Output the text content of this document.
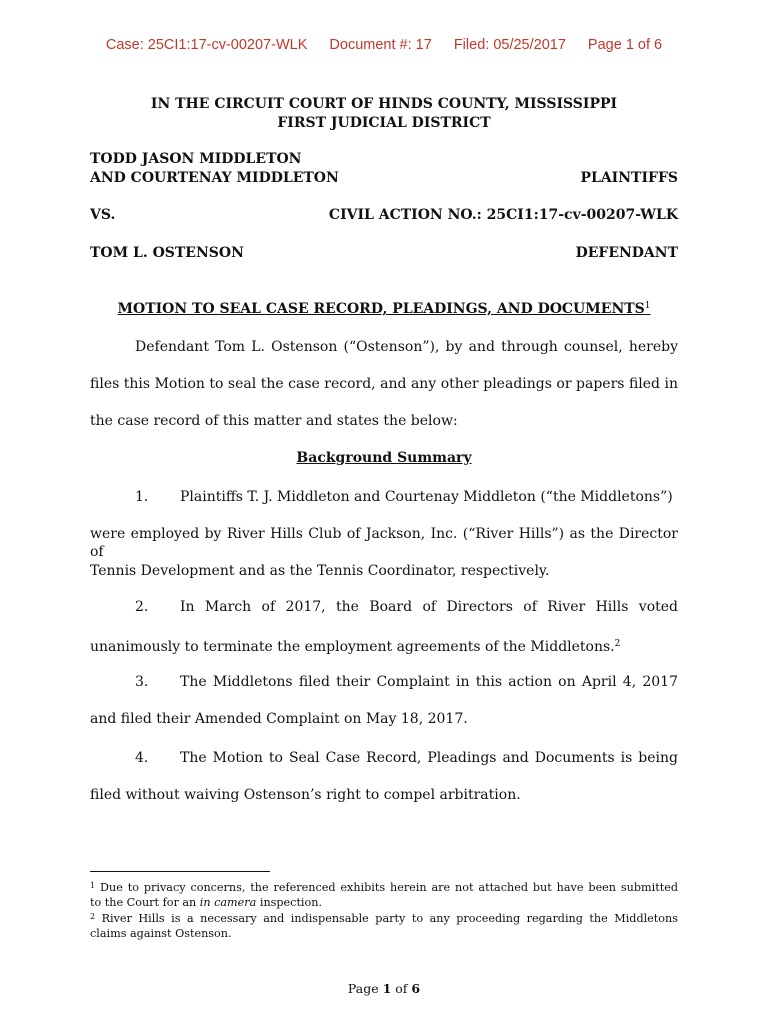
Case: 25CI1:17-cv-00207-WLK Document #: 17 Filed: 05/25/2017 Page 1 of 6
IN THE CIRCUIT COURT OF HINDS COUNTY, MISSISSIPPI
FIRST JUDICIAL DISTRICT
TODD JASON MIDDLETON
AND COURTENAY MIDDLETON	PLAINTIFFS
VS.	CIVIL ACTION NO.: 25CI1:17-cv-00207-WLK
TOM L. OSTENSON	DEFENDANT
MOTION TO SEAL CASE RECORD, PLEADINGS, AND DOCUMENTS$^1$
Defendant Tom L. Ostenson (“Ostenson”), by and through counsel, hereby
files this Motion to seal the case record, and any other pleadings or papers filed in
the case record of this matter and states the below:
Background Summary
1. Plaintiffs T. J. Middleton and Courtenay Middleton (“the Middletons”)
were employed by River Hills Club of Jackson, Inc. (“River Hills”) as the Director of
Tennis Development and as the Tennis Coordinator, respectively.
2.	In March of 2017, the Board of Directors of River Hills voted
unanimously to terminate the employment agreements of the Middletons.$^2$
3.	The Middletons filed their Complaint in this action on April 4, 2017
and filed their Amended Complaint on May 18, 2017.
4.	The Motion to Seal Case Record, Pleadings and Documents is being
filed without waiving Ostenson’s right to compel arbitration.
$^1$ Due to privacy concerns, the referenced exhibits herein are not attached but have been submitted
to the Court for an in camera inspection.
$^2$ River Hills is a necessary and indispensable party to any proceeding regarding the Middletons
claims against Ostenson.
Page 1 of 6
